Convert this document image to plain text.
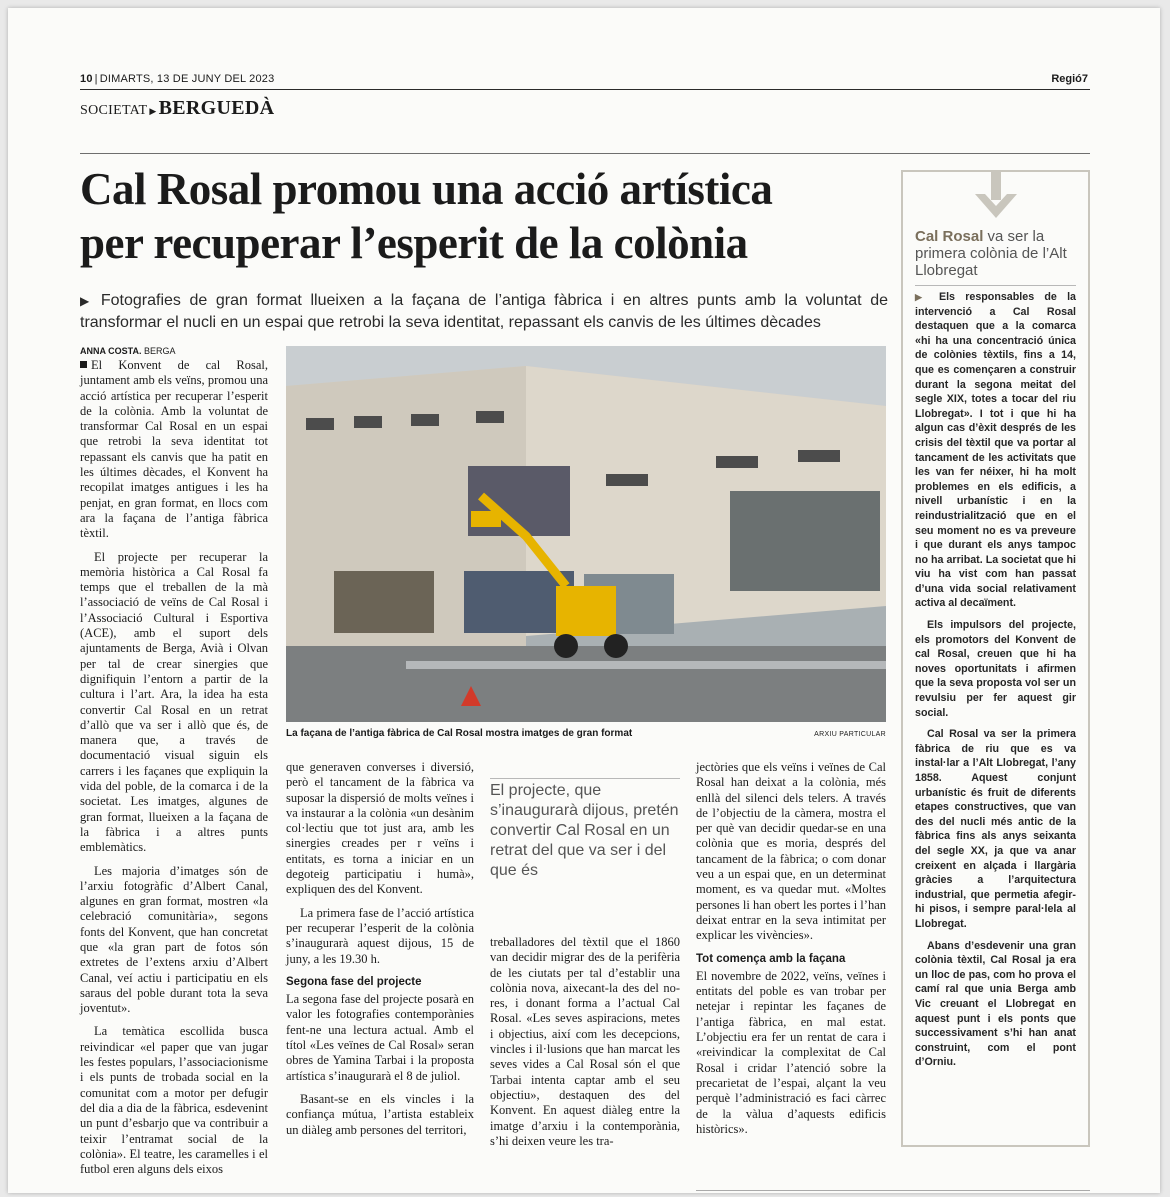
10 | DIMARTS, 13 DE JUNY DEL 2023	Regió7
SOCIETAT ▶ BERGUEDÀ
Cal Rosal promou una acció artística
per recuperar l’esperit de la colònia
▶ Fotografies de gran format llueixen a la façana de l’antiga fàbrica i en altres punts amb la voluntat de transformar el nucli en un espai que retrobi la seva identitat, repassant els canvis de les últimes dècades
ANNA COSTA. BERGA

El Konvent de cal Rosal, juntament amb els veïns, promou una acció artística per recuperar l’esperit de la colònia. Amb la voluntat de transformar Cal Rosal en un espai que retrobi la seva identitat tot repassant els canvis que ha patit en les últimes dècades, el Konvent ha recopilat imatges antigues i les ha penjat, en gran format, en llocs com ara la façana de l’antiga fàbrica tèxtil.

El projecte per recuperar la memòria històrica a Cal Rosal fa temps que el treballen de la mà l’associació de veïns de Cal Rosal i l’Associació Cultural i Esportiva (ACE), amb el suport dels ajuntaments de Berga, Avià i Olvan per tal de crear sinergies que dignifiquin l’entorn a partir de la cultura i l’art. Ara, la idea ha esta convertir Cal Rosal en un retrat d’allò que va ser i allò que és, de manera que, a través de documentació visual siguin els carrers i les façanes que expliquin la vida del poble, de la comarca i de la societat. Les imatges, algunes de gran format, llueixen a la façana de la fàbrica i a altres punts emblemàtics.

Les majoria d’imatges són de l’arxiu fotogràfic d’Albert Canal, algunes en gran format, mostren «la celebració comunitària», segons fonts del Konvent, que han concretat que «la gran part de fotos són extretes de l’extens arxiu d’Albert Canal, veí actiu i participatiu en els saraus del poble durant tota la seva joventut».

La temàtica escollida busca reivindicar «el paper que van jugar les festes populars, l’associacionisme i els punts de trobada social en la comunitat com a motor per defugir del dia a dia de la fàbrica, esdevenint un punt d’esbarjo que va contribuir a teixir l’entramat social de la colònia». El teatre, les caramelles i el futbol eren alguns dels eixos

La façana de l’antiga fàbrica de Cal Rosal mostra imatges de gran format	ARXIU PARTICULAR

que generaven converses i diversió, però el tancament de la fàbrica va suposar la dispersió de molts veïnes i va instaurar a la colònia «un desànim col·lectiu que tot just ara, amb les sinergies creades per r veïns i entitats, es torna a iniciar en un degoteig participatiu i humà», expliquen des del Konvent.

La primera fase de l’acció artística per recuperar l’esperit de la colònia s’inaugurarà aquest dijous, 15 de juny, a les 19.30 h.

Segona fase del projecte

La segona fase del projecte posarà en valor les fotografies contemporànies fent-ne una lectura actual. Amb el títol «Les veïnes de Cal Rosal» seran obres de Yamina Tarbai i la proposta artística s’inaugurarà el 8 de juliol.

Basant-se en els vincles i la confiança mútua, l’artista estableix un diàleg amb persones del territori,

El projecte, que s’inaugurarà dijous, pretén convertir Cal Rosal en un retrat del que va ser i del que és

treballadores del tèxtil que el 1860 van decidir migrar des de la perifèria de les ciutats per tal d’establir una colònia nova, aixecant-la des del no-res, i donant forma a l’actual Cal Rosal. «Les seves aspiracions, metes i objectius, així com les decepcions, vincles i il·lusions que han marcat les seves vides a Cal Rosal són el que Tarbai intenta captar amb el seu objectiu», destaquen des del Konvent. En aquest diàleg entre la imatge d’arxiu i la contemporània, s’hi deixen veure les tra-

jectòries que els veïns i veïnes de Cal Rosal han deixat a la colònia, més enllà del silenci dels telers. A través de l’objectiu de la càmera, mostra el per què van decidir quedar-se en una colònia que es moria, després del tancament de la fàbrica; o com donar veu a un espai que, en un determinat moment, es va quedar mut. «Moltes persones li han obert les portes i l’han deixat entrar en la seva intimitat per explicar les vivències».

Tot comença amb la façana

El novembre de 2022, veïns, veïnes i entitats del poble es van trobar per netejar i repintar les façanes de l’antiga fàbrica, en mal estat. L’objectiu era fer un rentat de cara i «reivindicar la complexitat de Cal Rosal i cridar l’atenció sobre la precarietat de l’espai, alçant la veu perquè l’administració es faci càrrec de la vàlua d’aquests edificis històrics».

Cal Rosal va ser la primera colònia de l’Alt Llobregat

▶ Els responsables de la intervenció a Cal Rosal destaquen que a la comarca «hi ha una concentració única de colònies tèxtils, fins a 14, que es començaren a construir durant la segona meitat del segle XIX, totes a tocar del riu Llobregat». I tot i que hi ha algun cas d’èxit després de les crisis del tèxtil que va portar al tancament de les activitats que les van fer néixer, hi ha molt problemes en els edificis, a nivell urbanístic i en la reindustrialització que en el seu moment no es va preveure i que durant els anys tampoc no ha arribat. La societat que hi viu ha vist com han passat d’una vida social relativament activa al decaïment.

Els impulsors del projecte, els promotors del Konvent de cal Rosal, creuen que hi ha noves oportunitats i afirmen que la seva proposta vol ser un revulsiu per fer aquest gir social.

Cal Rosal va ser la primera fàbrica de riu que es va instal·lar a l’Alt Llobregat, l’any 1858. Aquest conjunt urbanístic és fruit de diferents etapes constructives, que van des del nucli més antic de la fàbrica fins als anys seixanta del segle XX, ja que va anar creixent en alçada i llargària gràcies a l’arquitectura industrial, que permetia afegir-hi pisos, i sempre paral·lela al Llobregat.

Abans d’esdevenir una gran colònia tèxtil, Cal Rosal ja era un lloc de pas, com ho prova el camí ral que unia Berga amb Vic creuant el Llobregat en aquest punt i els ponts que successivament s’hi han anat construint, com el pont d’Orniu.
